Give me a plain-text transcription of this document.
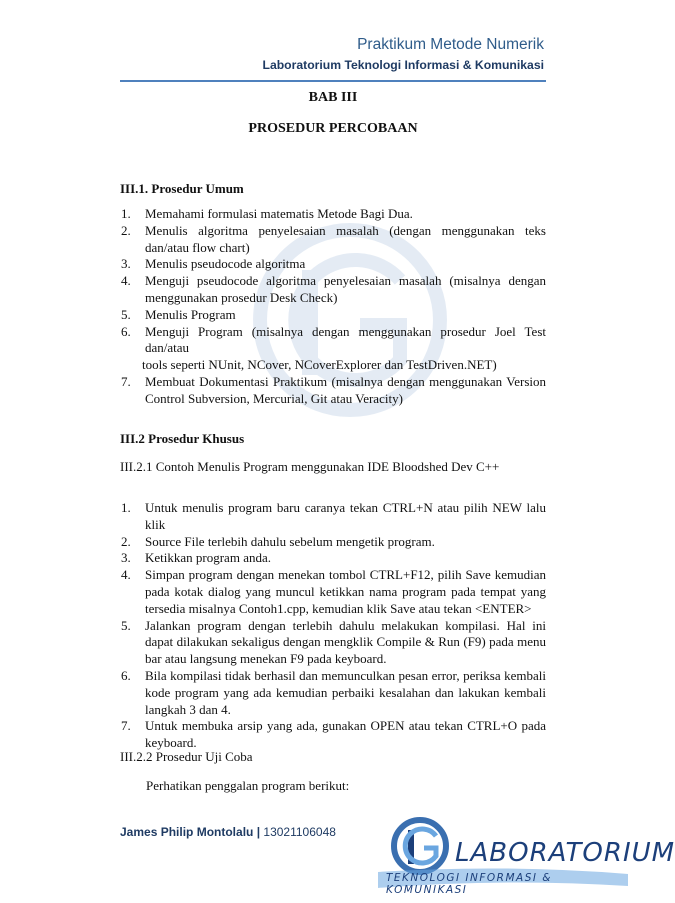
Praktikum Metode Numerik
Laboratorium Teknologi Informasi & Komunikasi
BAB III
PROSEDUR PERCOBAAN
III.1. Prosedur Umum
1. Memahami formulasi matematis Metode Bagi Dua.
2. Menulis algoritma penyelesaian masalah (dengan menggunakan teks dan/atau flow chart)
3. Menulis pseudocode algoritma
4. Menguji pseudocode algoritma penyelesaian masalah (misalnya dengan menggunakan prosedur Desk Check)
5. Menulis Program
6. Menguji Program (misalnya dengan menggunakan prosedur Joel Test dan/atau
tools seperti NUnit, NCover, NCoverExplorer dan TestDriven.NET)
7. Membuat Dokumentasi Praktikum (misalnya dengan menggunakan Version Control Subversion, Mercurial, Git atau Veracity)
III.2 Prosedur Khusus
III.2.1 Contoh Menulis Program menggunakan IDE Bloodshed Dev C++
1. Untuk menulis program baru caranya tekan CTRL+N atau pilih NEW lalu klik
2. Source File terlebih dahulu sebelum mengetik program.
3. Ketikkan program anda.
4. Simpan program dengan menekan tombol CTRL+F12, pilih Save kemudian pada kotak dialog yang muncul ketikkan nama program pada tempat yang tersedia misalnya Contoh1.cpp, kemudian klik Save atau tekan <ENTER>
5. Jalankan program dengan terlebih dahulu melakukan kompilasi. Hal ini dapat dilakukan sekaligus dengan mengklik Compile & Run (F9) pada menu bar atau langsung menekan F9 pada keyboard.
6. Bila kompilasi tidak berhasil dan memunculkan pesan error, periksa kembali kode program yang ada kemudian perbaiki kesalahan dan lakukan kembali langkah 3 dan 4.
7. Untuk membuka arsip yang ada, gunakan OPEN atau tekan CTRL+O pada keyboard.
III.2.2 Prosedur Uji Coba
Perhatikan penggalan program berikut:
James Philip Montolalu | 13021106048
LABORATORIUM
TEKNOLOGI INFORMASI & KOMUNIKASI
